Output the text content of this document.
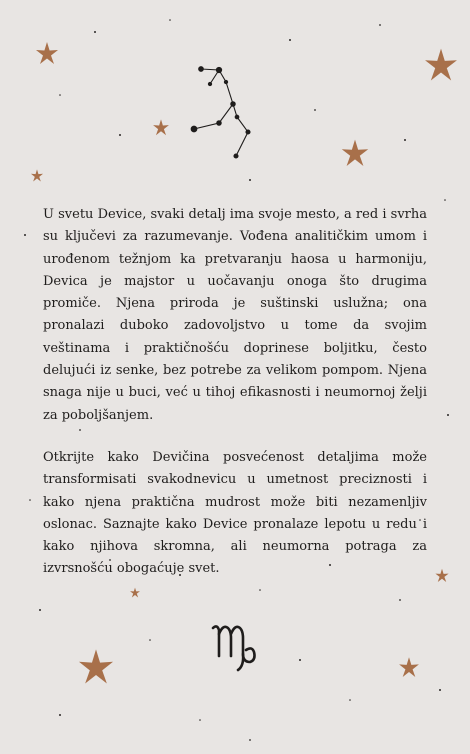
U svetu Device, svaki detalj ima svoje mesto, a red i svrha su ključevi za razumevanje. Vođena analitičkim umom i urođenom težnjom ka pretvaranju haosa u harmoniju, Devica je majstor u uočavanju onoga što drugima promiče. Njena priroda je suštinski uslužna; ona pronalazi duboko zadovoljstvo u tome da svojim veštinama i praktičnošću doprinese boljitku, često delujući iz senke, bez potrebe za velikom pompom. Njena snaga nije u buci, već u tihoj efikasnosti i neumornoj želji za poboljšanjem.

Otkrijte kako Devičina posvećenost detaljima može transformisati svakodnevicu u umetnost preciznosti i kako njena praktična mudrost može biti nezamenljiv oslonac. Saznajte kako Device pronalaze lepotu u redu i kako njihova skromna, ali neumorna potraga za izvrsnošću obogaćuje svet.
